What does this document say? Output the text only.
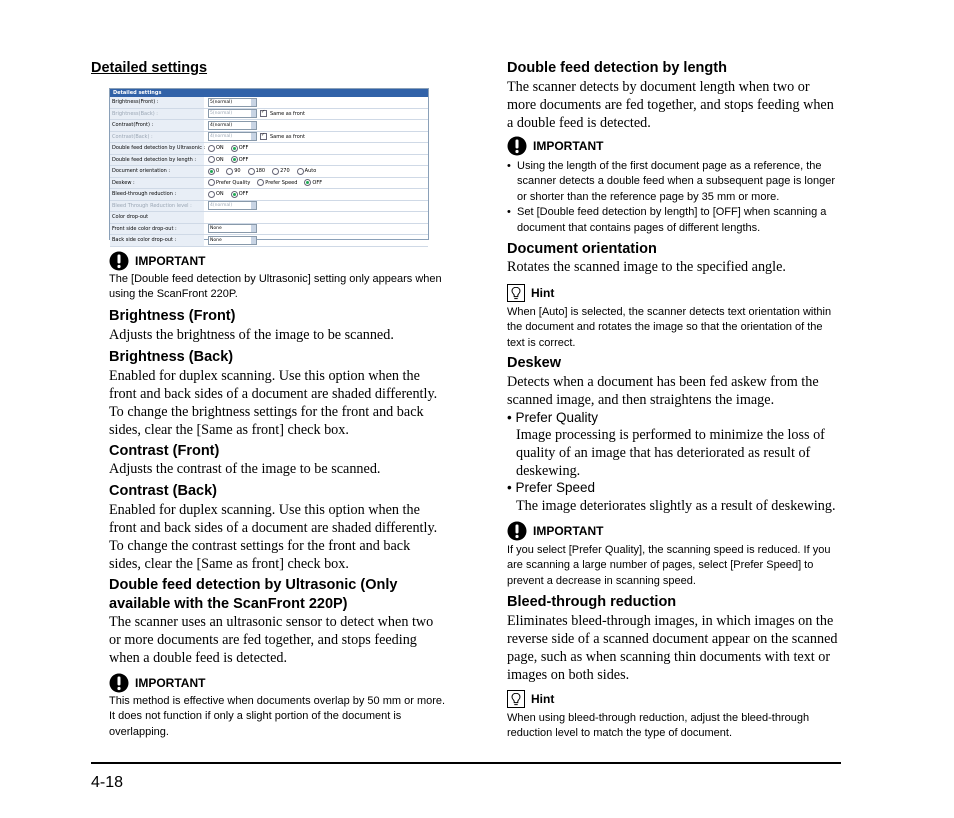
Detailed settings
Detailed settings
Brightness(Front) :	5(normal)
Brightness(Back) :	5(normal) ✓	Same as front
Contrast(Front) :	4(normal)
Contrast(Back) :	4(normal) ✓	Same as front
Double feed detection by Ultrasonic : ON	OFF
Double feed detection by length :	ON	OFF
Document orientation :	0	90	180	270	Auto
Deskew :	Prefer Quality	Prefer Speed	OFF
Bleed-through reduction :	ON	OFF
Bleed Through Reduction level :	4(normal)
Color drop-out
Front side color drop-out :	None
Back side color drop-out :	None
IMPORTANT
The [Double feed detection by Ultrasonic] setting only appears when using the ScanFront 220P.
Brightness (Front)
Adjusts the brightness of the image to be scanned.
Brightness (Back)
Enabled for duplex scanning. Use this option when the front and back sides of a document are shaded differently. To change the brightness settings for the front and back sides, clear the [Same as front] check box.
Contrast (Front)
Adjusts the contrast of the image to be scanned.
Contrast (Back)
Enabled for duplex scanning. Use this option when the front and back sides of a document are shaded differently. To change the contrast settings for the front and back sides, clear the [Same as front] check box.
Double feed detection by Ultrasonic (Only available with the ScanFront 220P)
The scanner uses an ultrasonic sensor to detect when two or more documents are fed together, and stops feeding when a double feed is detected.
IMPORTANT
This method is effective when documents overlap by 50 mm or more. It does not function if only a slight portion of the document is overlapping.
Double feed detection by length
The scanner detects by document length when two or more documents are fed together, and stops feeding when a double feed is detected.
IMPORTANT
• Using the length of the first document page as a reference, the scanner detects a double feed when a subsequent page is longer or shorter than the reference page by 35 mm or more.
• Set [Double feed detection by length] to [OFF] when scanning a document that contains pages of different lengths.
Document orientation
Rotates the scanned image to the specified angle.
Hint
When [Auto] is selected, the scanner detects text orientation within the document and rotates the image so that the orientation of the text is correct.
Deskew
Detects when a document has been fed askew from the scanned image, and then straightens the image.
• Prefer Quality
Image processing is performed to minimize the loss of quality of an image that has deteriorated as result of deskewing.
• Prefer Speed
The image deteriorates slightly as a result of deskewing.
IMPORTANT
If you select [Prefer Quality], the scanning speed is reduced. If you are scanning a large number of pages, select [Prefer Speed] to prevent a decrease in scanning speed.
Bleed-through reduction
Eliminates bleed-through images, in which images on the reverse side of a scanned document appear on the scanned page, such as when scanning thin documents with text or images on both sides.
Hint
When using bleed-through reduction, adjust the bleed-through reduction level to match the type of document.
4-18
